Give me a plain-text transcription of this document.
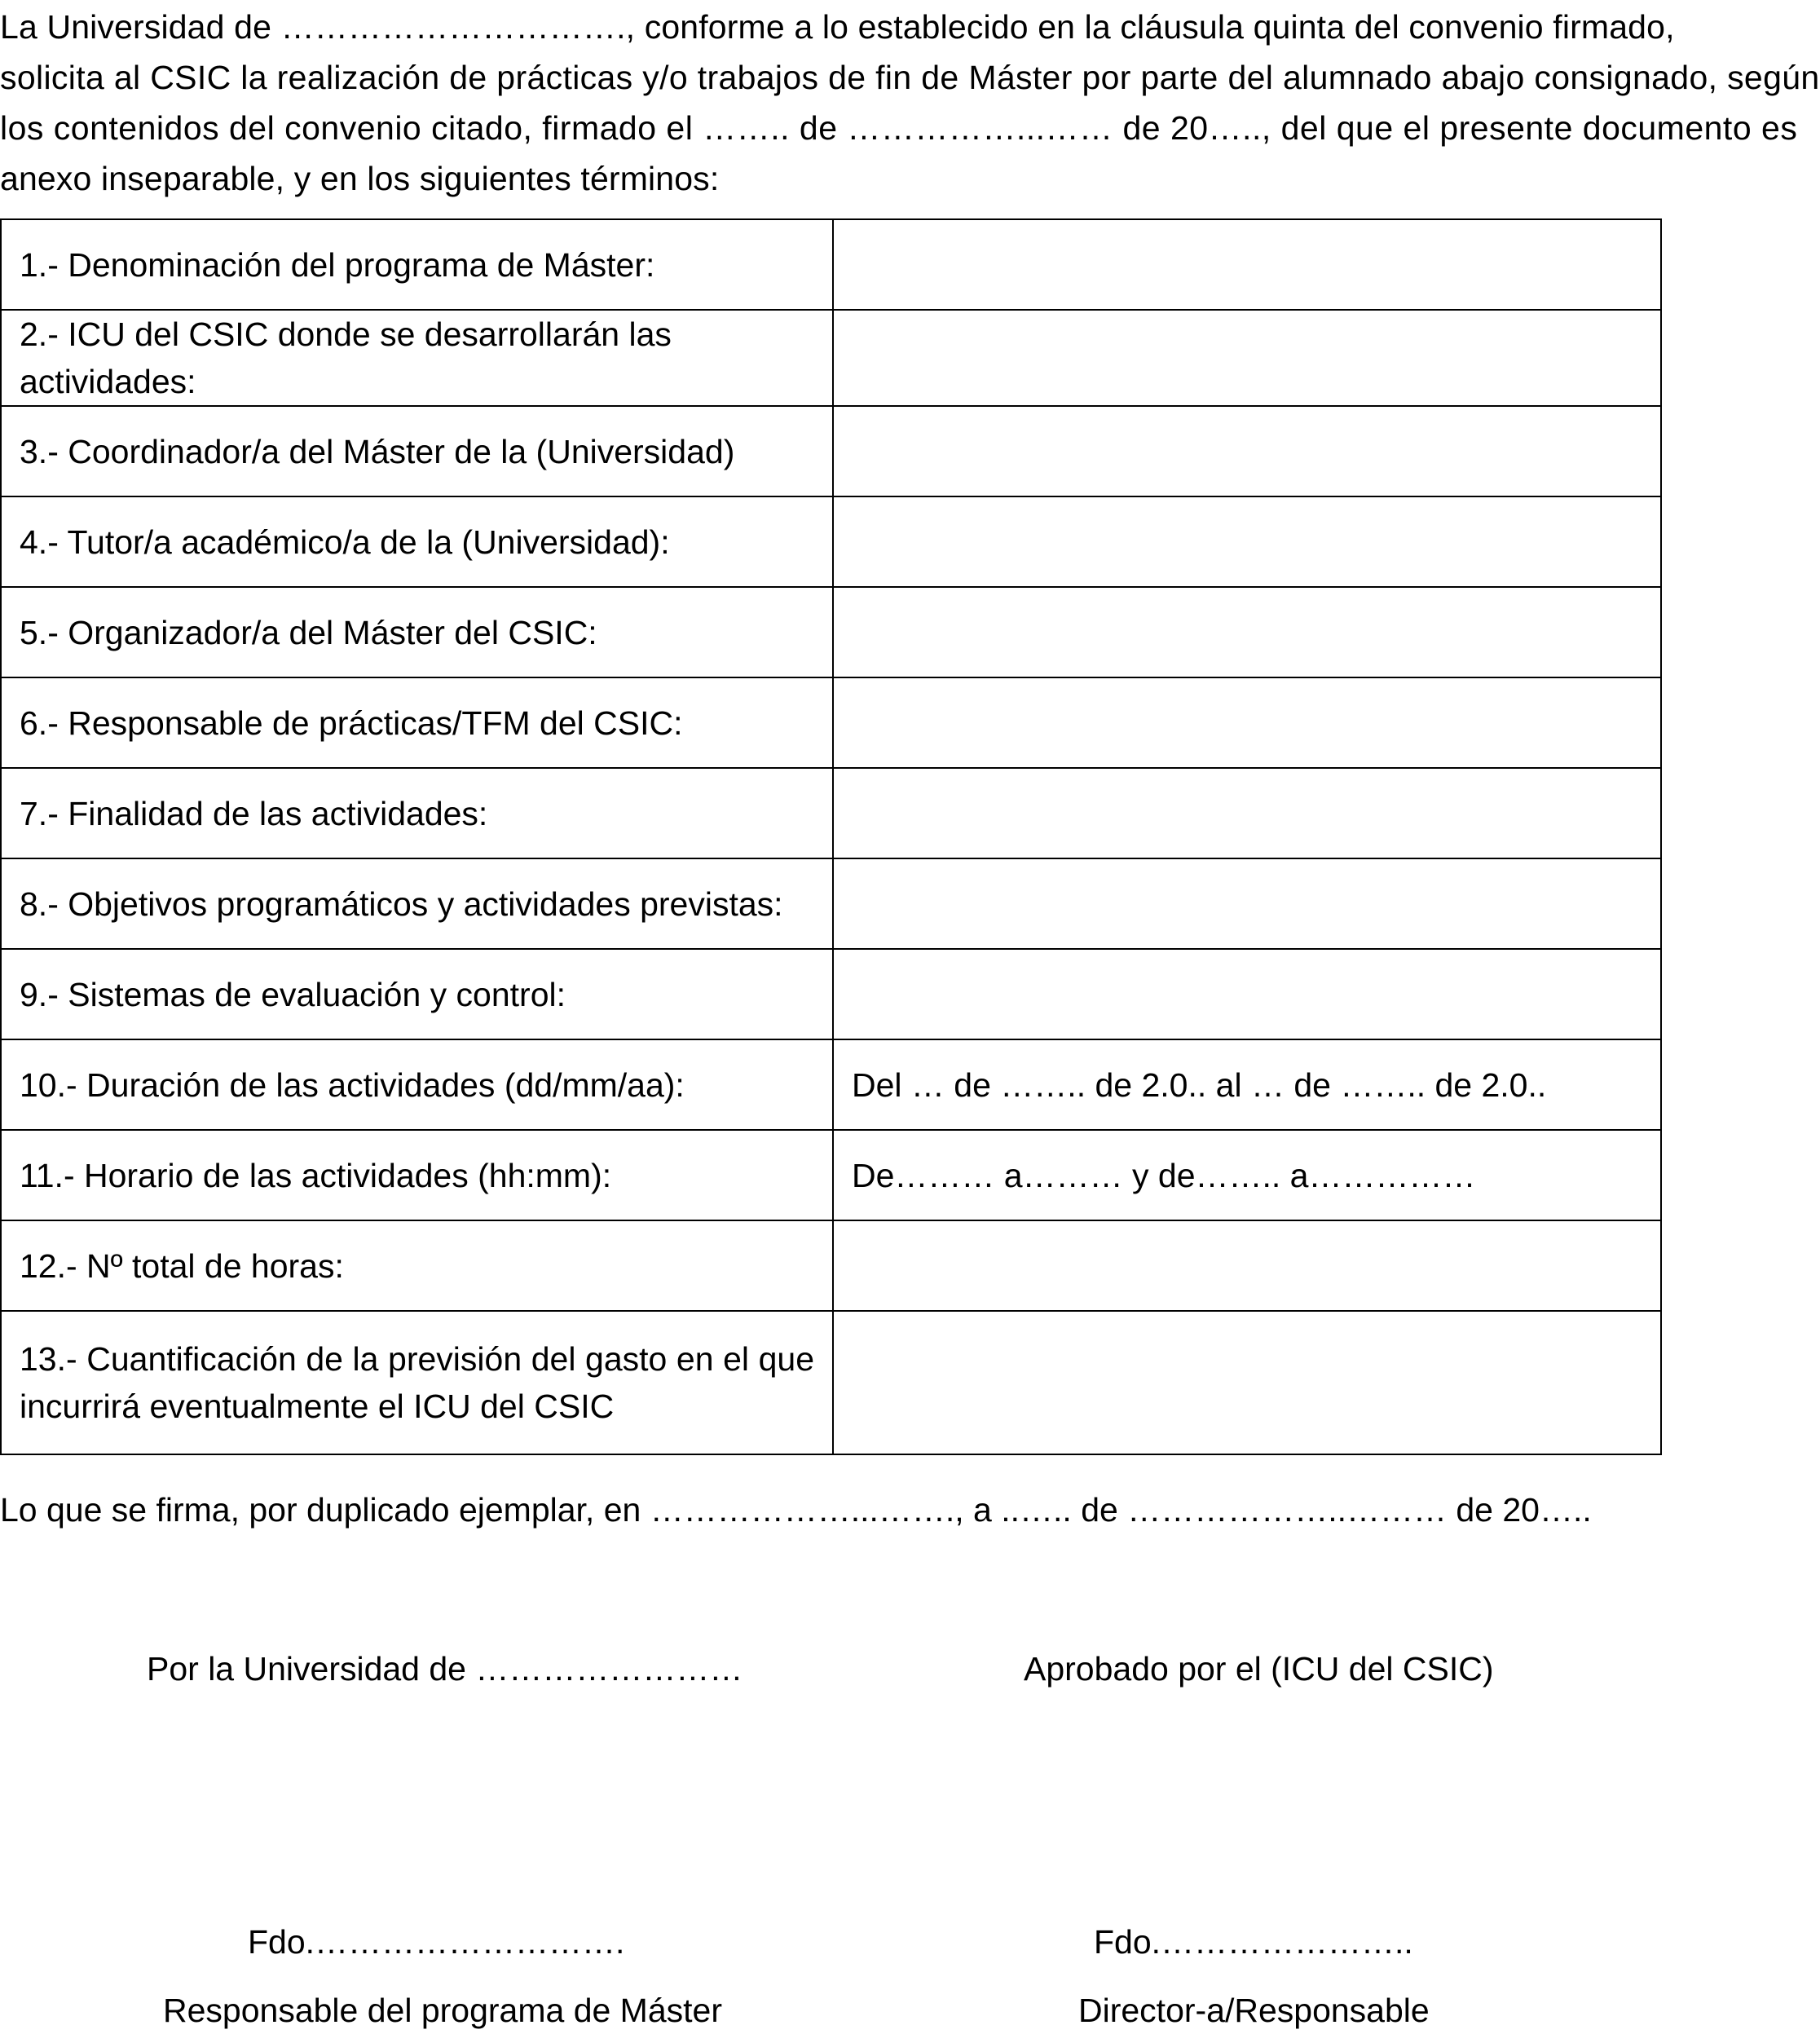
La Universidad de …………………………., conforme a lo establecido en la cláusula quinta del convenio firmado ,
solicita al CSIC la realización de prácticas y/o trabajos de fin de Máster por parte del alumnado abajo consignado, según
los contenidos del convenio citado, firmado el …….. de ……………...…… de 20….., del que el presente documento es
anexo inseparable, y en los siguientes términos:
1.- Denominación del programa de Máster:	
2.- ICU del CSIC donde se desarrollarán las actividades:	
3.- Coordinador/a del Máster de la (Universidad)	
4.- Tutor/a académico/a de la (Universidad):	
5.- Organizador/a del Máster del CSIC:	
6.- Responsable de prácticas/TFM del CSIC:	
7.- Finalidad de las actividades:	
8.- Objetivos programáticos y actividades previstas:	
9.- Sistemas de evaluación y control:	
10.- Duración de las actividades (dd/mm/aa):	Del … de …….. de 2.0.. al … de …….. de 2.0..
11.- Horario de las actividades (hh:mm):	De……… a……… y de…….. a……………
12.- Nº total de horas:	
13.- Cuantificación de la previsión del gasto en el que incurrirá eventualmente el ICU del CSIC	
Lo que se firma, por duplicado ejemplar, en ………………...……., a ..….. de ………………..……… de 20…..
Por la Universidad de ……………………	Aprobado por el (ICU del CSIC)
Fdo.……………………….	Fdo.…………………..
Responsable del programa de Máster	Director-a/Responsable
